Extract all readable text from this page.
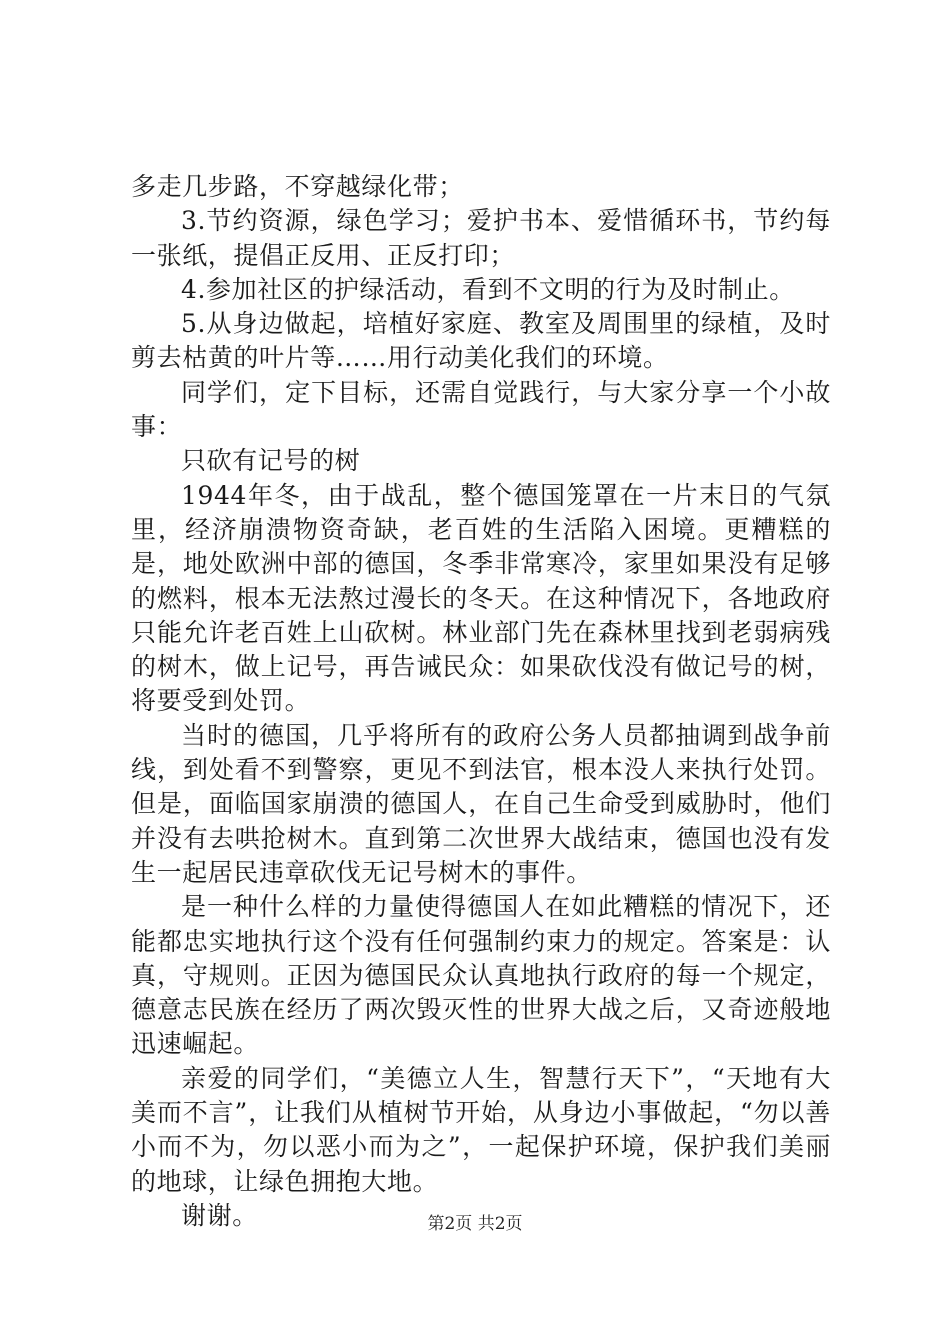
多走几步路，不穿越绿化带；

3.节约资源，绿色学习；爱护书本、爱惜循环书，节约每一张纸，提倡正反用、正反打印；

4.参加社区的护绿活动，看到不文明的行为及时制止。

5.从身边做起，培植好家庭、教室及周围里的绿植，及时剪去枯黄的叶片等……用行动美化我们的环境。

同学们，定下目标，还需自觉践行，与大家分享一个小故事：

只砍有记号的树

1944年冬，由于战乱，整个德国笼罩在一片末日的气氛里，经济崩溃物资奇缺，老百姓的生活陷入困境。更糟糕的是，地处欧洲中部的德国，冬季非常寒冷，家里如果没有足够的燃料，根本无法熬过漫长的冬天。在这种情况下，各地政府只能允许老百姓上山砍树。林业部门先在森林里找到老弱病残的树木，做上记号，再告诫民众：如果砍伐没有做记号的树，将要受到处罚。

当时的德国，几乎将所有的政府公务人员都抽调到战争前线，到处看不到警察，更见不到法官，根本没人来执行处罚。但是，面临国家崩溃的德国人，在自己生命受到威胁时，他们并没有去哄抢树木。直到第二次世界大战结束，德国也没有发生一起居民违章砍伐无记号树木的事件。

是一种什么样的力量使得德国人在如此糟糕的情况下，还能都忠实地执行这个没有任何强制约束力的规定。答案是：认真，守规则。正因为德国民众认真地执行政府的每一个规定，德意志民族在经历了两次毁灭性的世界大战之后，又奇迹般地迅速崛起。

亲爱的同学们，“美德立人生，智慧行天下”，“天地有大美而不言”，让我们从植树节开始，从身边小事做起，“勿以善小而不为，勿以恶小而为之”，一起保护环境，保护我们美丽的地球，让绿色拥抱大地。

谢谢。	第2页 共2页
